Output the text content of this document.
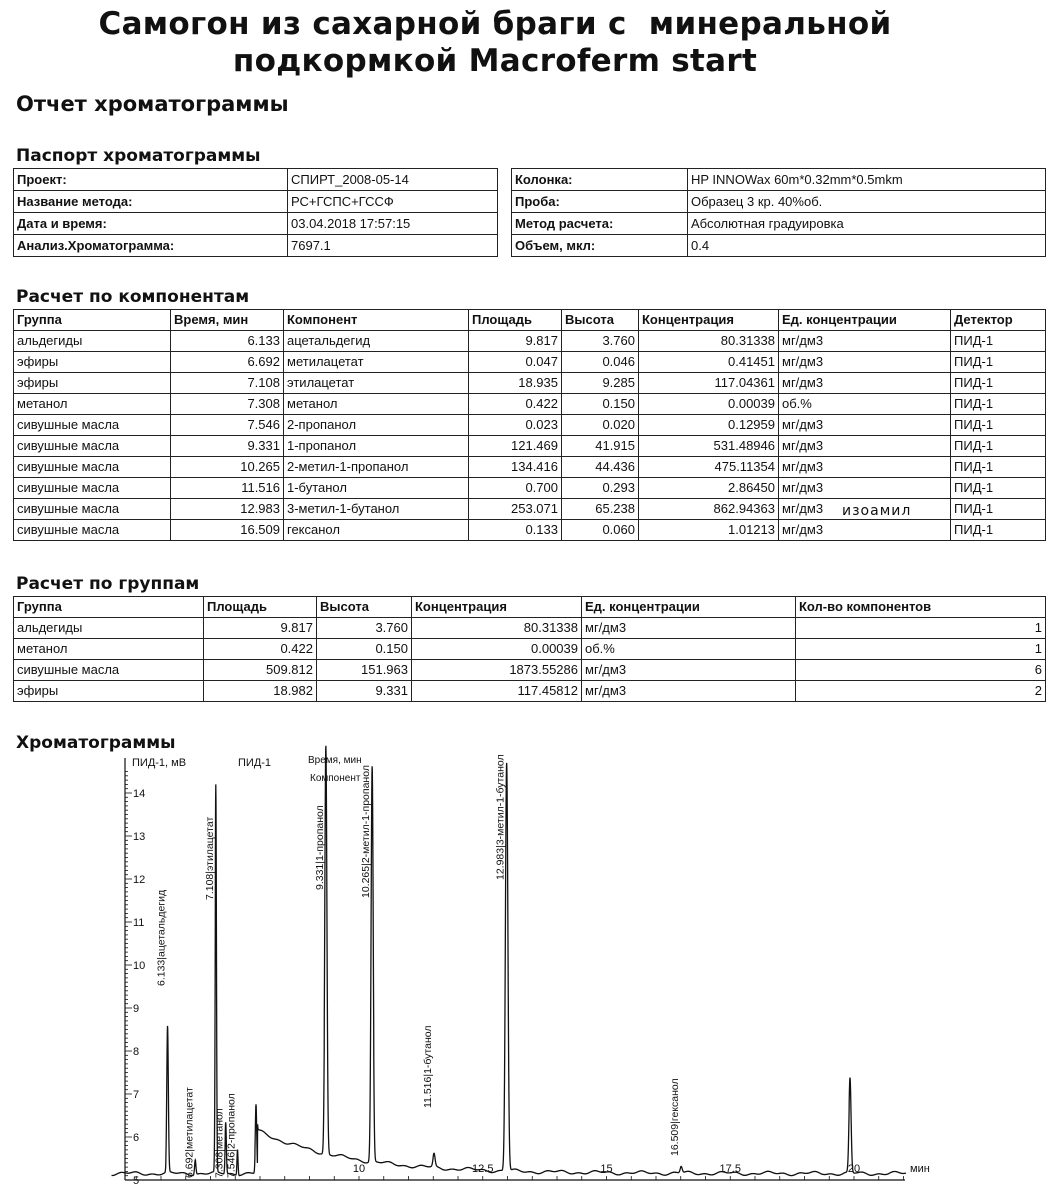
Самогон из сахарной браги с  минеральной
подкормкой Macroferm start
Отчет хроматограммы
Паспорт хроматограммы
Проект:	СПИРТ_2008-05-14		Колонка:	HP INNOWax 60m*0.32mm*0.5mkm
Название метода:	РС+ГСПС+ГССФ		Проба:	Образец 3 кр. 40%об.
Дата и время:	03.04.2018 17:57:15		Метод расчета:	Абсолютная градуировка
Анализ.Хроматограмма:	7697.1		Объем, мкл:	0.4
Расчет по компонентам
Группа	Время, мин	Компонент	Площадь	Высота	Концентрация	Ед. концентрации	Детектор
альдегиды	6.133	ацетальдегид	9.817	3.760	80.31338	мг/дм3	ПИД-1
эфиры	6.692	метилацетат	0.047	0.046	0.41451	мг/дм3	ПИД-1
эфиры	7.108	этилацетат	18.935	9.285	117.04361	мг/дм3	ПИД-1
метанол	7.308	метанол	0.422	0.150	0.00039	об.%	ПИД-1
сивушные масла	7.546	2-пропанол	0.023	0.020	0.12959	мг/дм3	ПИД-1
сивушные масла	9.331	1-пропанол	121.469	41.915	531.48946	мг/дм3	ПИД-1
сивушные масла	10.265	2-метил-1-пропанол	134.416	44.436	475.11354	мг/дм3	ПИД-1
сивушные масла	11.516	1-бутанол	0.700	0.293	2.86450	мг/дм3	ПИД-1
сивушные масла	12.983	3-метил-1-бутанол	253.071	65.238	862.94363	мг/дм3	ПИД-1
сивушные масла	16.509	гексанол	0.133	0.060	1.01213	мг/дм3	ПИД-1
изоамил
Расчет по группам
Группа	Площадь	Высота	Концентрация	Ед. концентрации	Кол-во компонентов
альдегиды	9.817	3.760	80.31338	мг/дм3	1
метанол	0.422	0.150	0.00039	об.%	1
сивушные масла	509.812	151.963	1873.55286	мг/дм3	6
эфиры	18.982	9.331	117.45812	мг/дм3	2
Хроматограммы
ПИД-1, мВ
мин
ПИД-1	Время, мин
Компонент
14
13
12
11
10
9
8
7
6
5
10	12.5	15	17.5	20
6.133|ацетальдегид
6.692|метилацетат
7.108|этилацетат
7.308|метанол 7.546|2-пропанол
9.331|1-пропанол	10.265|2-метил-1-пропанол
11.516|1-бутанол
12.983|3-метил-1-бутанол
16.509|гексанол
